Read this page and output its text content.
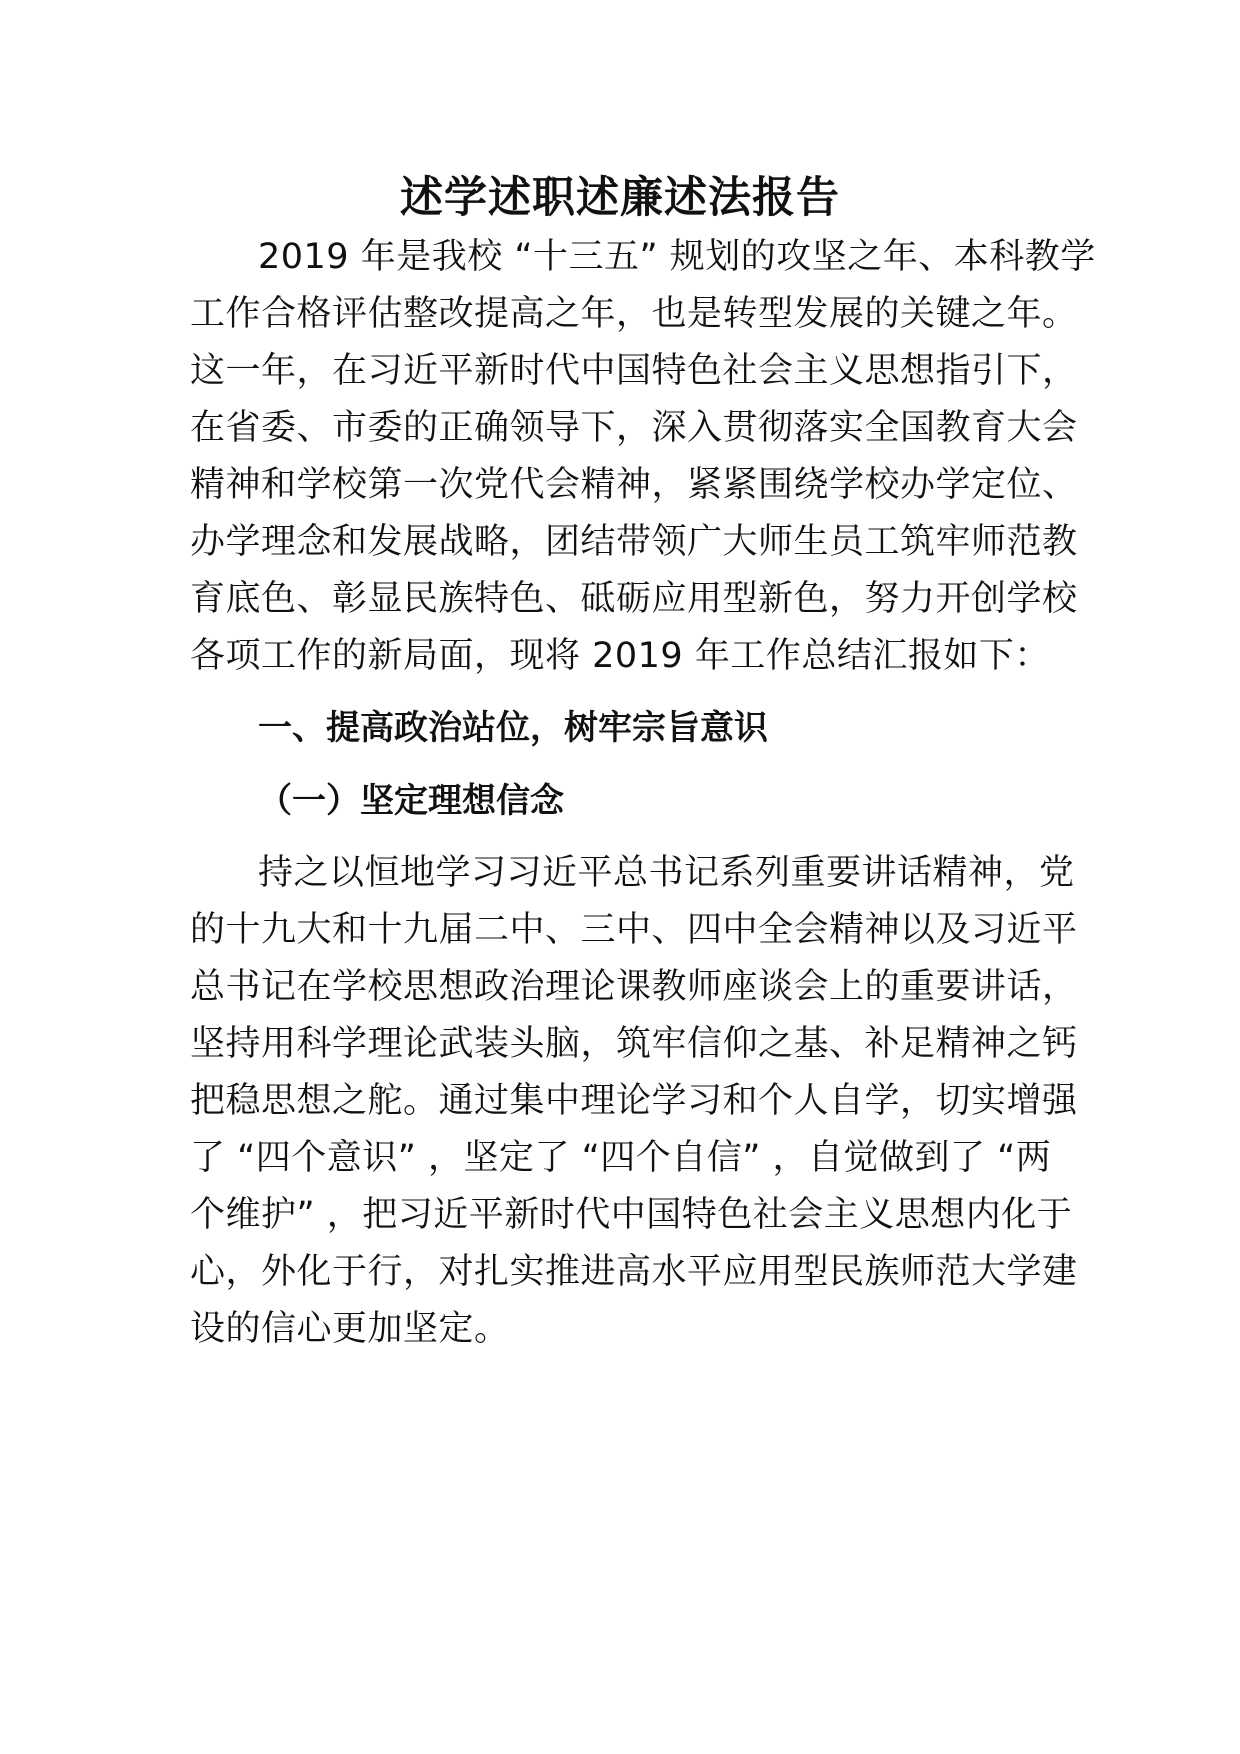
述学述职述廉述法报告

2019 年是我校 “十三五” 规划的攻坚之年、本科教学

工作合格评估整改提高之年，也是转型发展的关键之年。

这一年，在习近平新时代中国特色社会主义思想指引下，

在省委、市委的正确领导下，深入贯彻落实全国教育大会

精神和学校第一次党代会精神，紧紧围绕学校办学定位、

办学理念和发展战略，团结带领广大师生员工筑牢师范教

育底色、彰显民族特色、砥砺应用型新色，努力开创学校

各项工作的新局面，现将 2019 年工作总结汇报如下：

一、提高政治站位，树牢宗旨意识
（一）坚定理想信念

持之以恒地学习习近平总书记系列重要讲话精神，党

的十九大和十九届二中、三中、四中全会精神以及习近平

总书记在学校思想政治理论课教师座谈会上的重要讲话，

坚持用科学理论武装头脑，筑牢信仰之基、补足精神之钙

把稳思想之舵。通过集中理论学习和个人自学，切实增强

了 “四个意识” ，坚定了 “四个自信” ，自觉做到了 “两

个维护” ，把习近平新时代中国特色社会主义思想内化于

心，外化于行，对扎实推进高水平应用型民族师范大学建

设的信心更加坚定。
